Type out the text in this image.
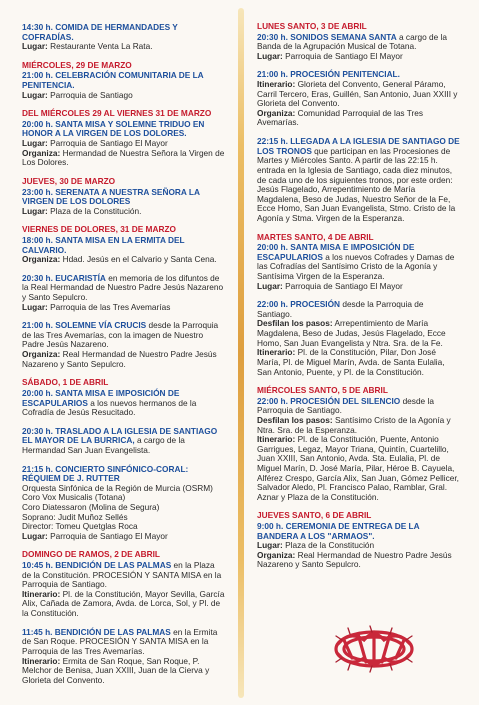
14:30 h. COMIDA DE HERMANDADES Y COFRADÍAS.
Lugar: Restaurante Venta La Rata.
MIÉRCOLES, 29 DE MARZO
21:00 h. CELEBRACIÓN COMUNITARIA DE LA PENITENCIA.
Lugar: Parroquia de Santiago
DEL MIÉRCOLES 29 AL VIERNES 31 DE MARZO
20:00 h. SANTA MISA Y SOLEMNE TRIDUO EN HONOR A LA VIRGEN DE LOS DOLORES.
Lugar: Parroquia de Santiago El Mayor
Organiza: Hermandad de Nuestra Señora la Virgen de Los Dolores.
JUEVES, 30 DE MARZO
23:00 h. SERENATA A NUESTRA SEÑORA LA VIRGEN DE LOS DOLORES
Lugar: Plaza de la Constitución.
VIERNES DE DOLORES, 31 DE MARZO
18:00 h. SANTA MISA EN LA ERMITA DEL CALVARIO.
Organiza: Hdad. Jesús en el Calvario y Santa Cena.
20:30 h. EUCARISTÍA en memoria de los difuntos de la Real Hermandad de Nuestro Padre Jesús Nazareno y Santo Sepulcro.
Lugar: Parroquia de las Tres Avemarías
21:00 h. SOLEMNE VÍA CRUCIS desde la Parroquia de las Tres Avemarías, con la imagen de Nuestro Padre Jesús Nazareno.
Organiza: Real Hermandad de Nuestro Padre Jesús Nazareno y Santo Sepulcro.
SÁBADO, 1 DE ABRIL
20:00 h. SANTA MISA E IMPOSICIÓN DE ESCAPULARIOS a los nuevos hermanos de la Cofradía de Jesús Resucitado.
20:30 h. TRASLADO A LA IGLESIA DE SANTIAGO EL MAYOR DE LA BURRICA, a cargo de la Hermandad San Juan Evangelista.
21:15 h. CONCIERTO SINFÓNICO-CORAL: RÉQUIEM DE J. RUTTER
Orquesta Sinfónica de la Región de Murcia (OSRM)
Coro Vox Musicalis (Totana)
Coro Diatessaron (Molina de Segura)
Soprano: Judit Muñoz Sellés
Director: Tomeu Quetglas Roca
Lugar: Parroquia de Santiago El Mayor
DOMINGO DE RAMOS, 2 DE ABRIL
10:45 h. BENDICIÓN DE LAS PALMAS en la Plaza de la Constitución. PROCESIÓN Y SANTA MISA en la Parroquia de Santiago.
Itinerario: Pl. de la Constitución, Mayor Sevilla, García Alix, Cañada de Zamora, Avda. de Lorca, Sol, y Pl. de la Constitución.
11:45 h. BENDICIÓN DE LAS PALMAS en la Ermita de San Roque. PROCESIÓN Y SANTA MISA en la Parroquia de las Tres Avemarías.
Itinerario: Ermita de San Roque, San Roque, P. Melchor de Benisa, Juan XXIII, Juan de la Cierva y Glorieta del Convento.
LUNES SANTO, 3 DE ABRIL
20:30 h. SONIDOS SEMANA SANTA a cargo de la Banda de la Agrupación Musical de Totana.
Lugar: Parroquia de Santiago El Mayor
21:00 h. PROCESIÓN PENITENCIAL.
Itinerario: Glorieta del Convento, General Páramo, Carril Tercero, Eras, Guillén, San Antonio, Juan XXIII y Glorieta del Convento.
Organiza: Comunidad Parroquial de las Tres Avemarías.
22:15 h. LLEGADA A LA IGLESIA DE SANTIAGO DE LOS TRONOS que participan en las Procesiones de Martes y Miércoles Santo. A partir de las 22:15 h. entrada en la Iglesia de Santiago, cada diez minutos, de cada uno de los siguientes tronos, por este orden: Jesús Flagelado, Arrepentimiento de María Magdalena, Beso de Judas, Nuestro Señor de la Fe, Ecce Homo, San Juan Evangelista, Stmo. Cristo de la Agonía y Stma. Virgen de la Esperanza.
MARTES SANTO, 4 DE ABRIL
20:00 h. SANTA MISA E IMPOSICIÓN DE ESCAPULARIOS a los nuevos Cofrades y Damas de las Cofradías del Santísimo Cristo de la Agonía y Santísima Virgen de la Esperanza.
Lugar: Parroquia de Santiago El Mayor
22:00 h. PROCESIÓN desde la Parroquia de Santiago.
Desfilan los pasos: Arrepentimiento de María Magdalena, Beso de Judas, Jesús Flagelado, Ecce Homo, San Juan Evangelista y Ntra. Sra. de la Fe.
Itinerario: Pl. de la Constitución, Pilar, Don José María, Pl. de Miguel Marín, Avda. de Santa Eulalia, San Antonio, Puente, y Pl. de la Constitución.
MIÉRCOLES SANTO, 5 DE ABRIL
22:00 h. PROCESIÓN DEL SILENCIO desde la Parroquia de Santiago.
Desfilan los pasos: Santísimo Cristo de la Agonía y Ntra. Sra. de la Esperanza.
Itinerario: Pl. de la Constitución, Puente, Antonio Garrigues, Legaz, Mayor Triana, Quintín, Cuartelillo, Juan XXIII, San Antonio, Avda. Sta. Eulalia, Pl. de Miguel Marín, D. José María, Pilar, Héroe B. Cayuela, Alférez Crespo, García Alix, San Juan, Gómez Pellicer, Salvador Aledo, Pl. Francisco Palao, Ramblar, Gral. Aznar y Plaza de la Constitución.
JUEVES SANTO, 6 DE ABRIL
9:00 h. CEREMONIA DE ENTREGA DE LA BANDERA A LOS "ARMAOS".
Lugar: Plaza de la Constitución
Organiza: Real Hermandad de Nuestro Padre Jesús Nazareno y Santo Sepulcro.
